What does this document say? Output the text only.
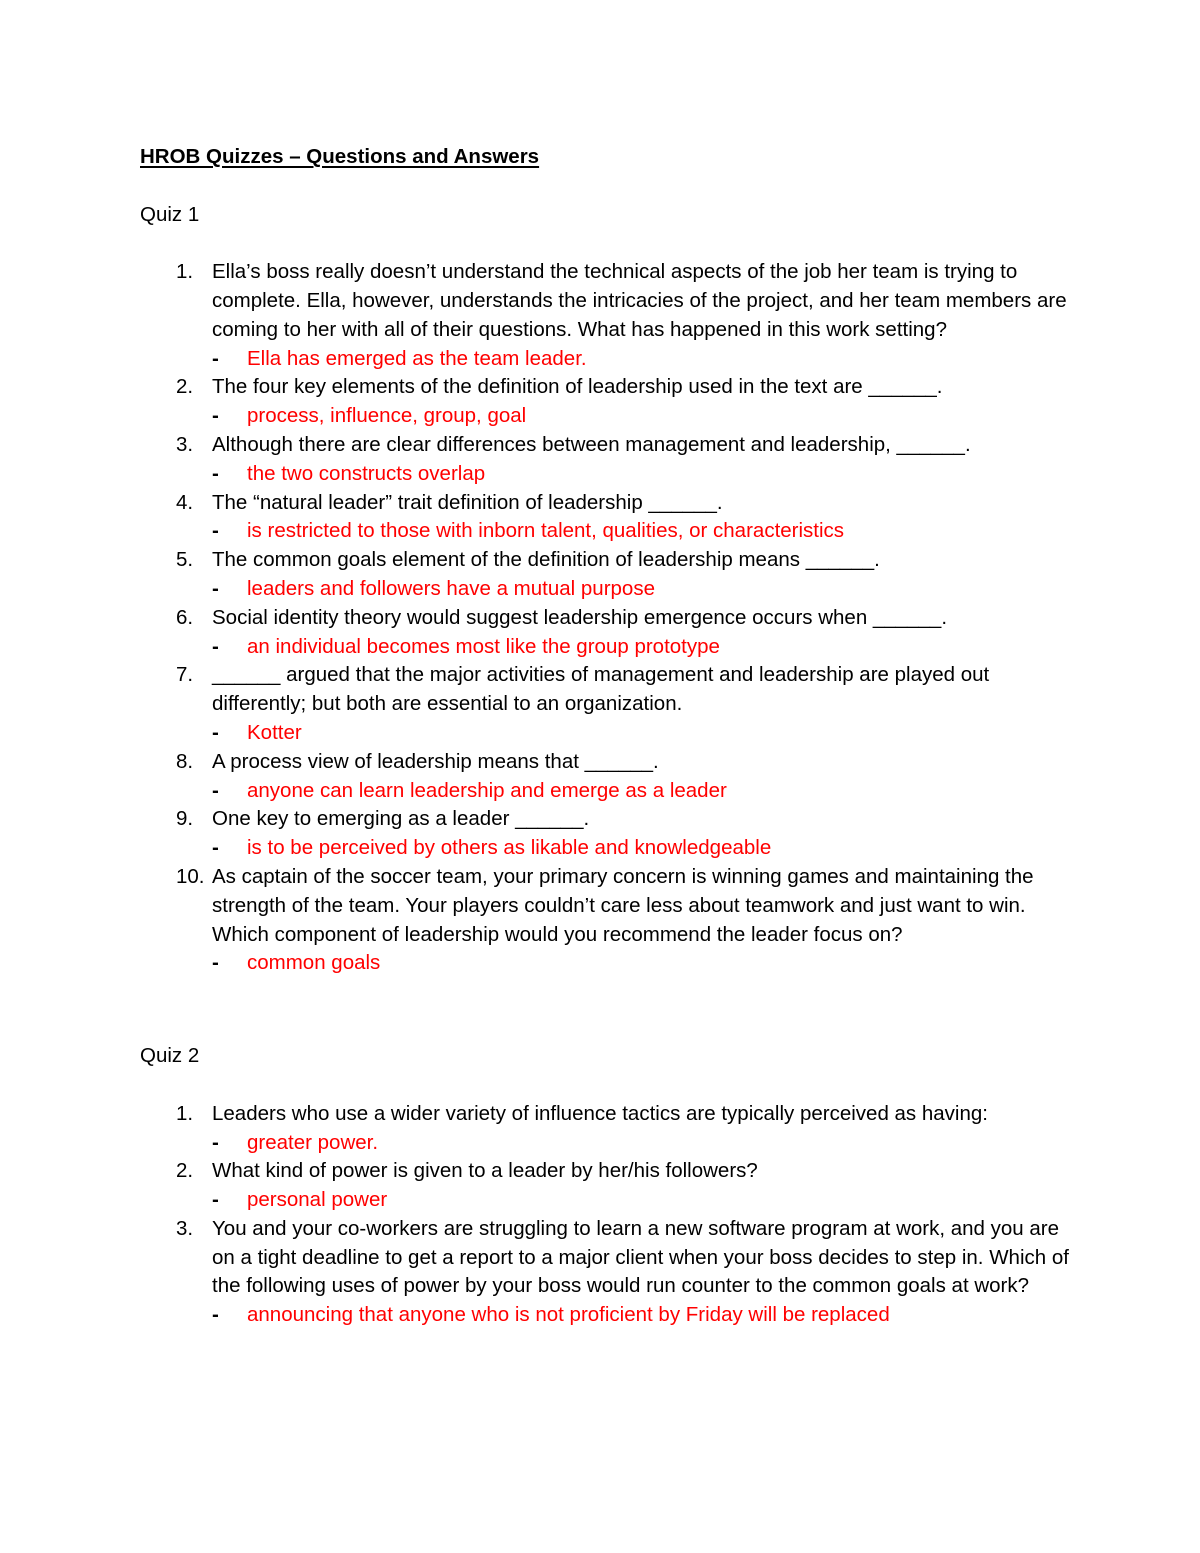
HROB Quizzes – Questions and Answers

Quiz 1

1. Ella’s boss really doesn’t understand the technical aspects of the job her team is trying to complete. Ella, however, understands the intricacies of the project, and her team members are coming to her with all of their questions. What has happened in this work setting?
- Ella has emerged as the team leader.
2. The four key elements of the definition of leadership used in the text are ______.
- process, influence, group, goal
3. Although there are clear differences between management and leadership, ______.
- the two constructs overlap
4. The “natural leader” trait definition of leadership ______.
- is restricted to those with inborn talent, qualities, or characteristics
5. The common goals element of the definition of leadership means ______.
- leaders and followers have a mutual purpose
6. Social identity theory would suggest leadership emergence occurs when ______.
- an individual becomes most like the group prototype
7. ______ argued that the major activities of management and leadership are played out differently; but both are essential to an organization.
- Kotter
8. A process view of leadership means that ______.
- anyone can learn leadership and emerge as a leader
9. One key to emerging as a leader ______.
- is to be perceived by others as likable and knowledgeable
10. As captain of the soccer team, your primary concern is winning games and maintaining the strength of the team. Your players couldn’t care less about teamwork and just want to win. Which component of leadership would you recommend the leader focus on?
- common goals

Quiz 2

1. Leaders who use a wider variety of influence tactics are typically perceived as having:
- greater power.
2. What kind of power is given to a leader by her/his followers?
- personal power
3. You and your co-workers are struggling to learn a new software program at work, and you are on a tight deadline to get a report to a major client when your boss decides to step in. Which of the following uses of power by your boss would run counter to the common goals at work?
- announcing that anyone who is not proficient by Friday will be replaced
